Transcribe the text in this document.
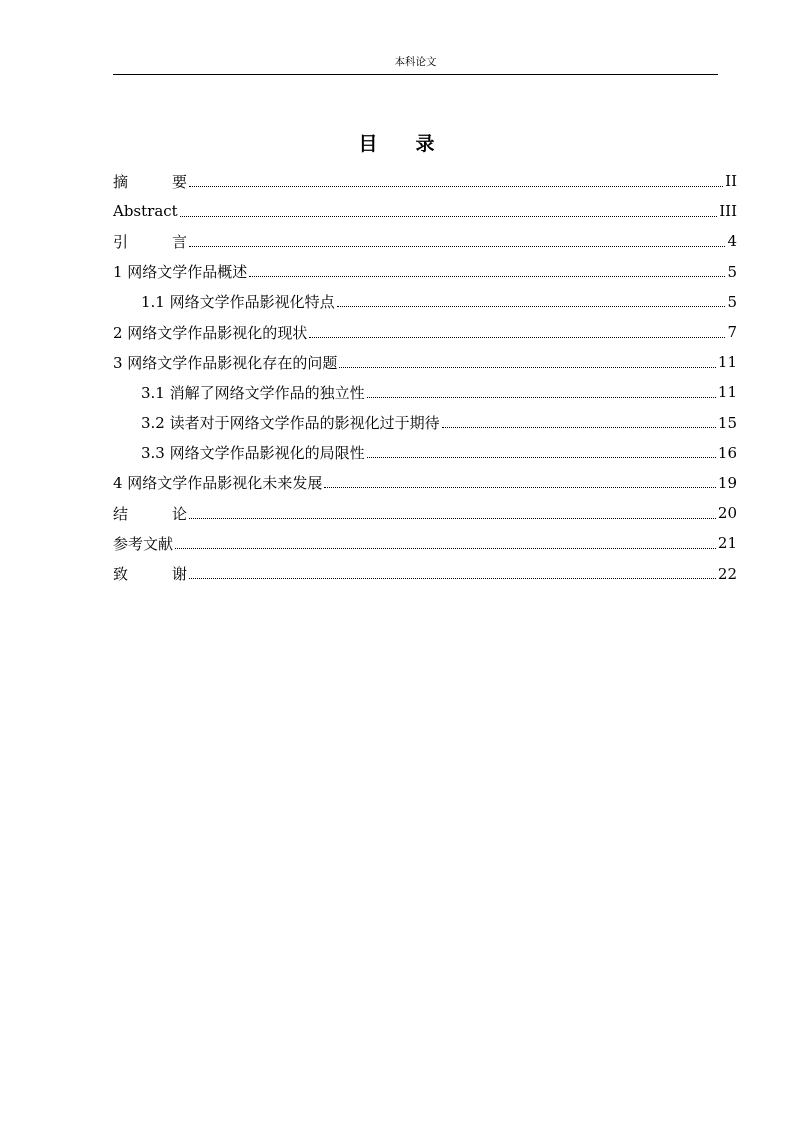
本科论文
目 录
摘	要	II
Abstract	III
引	言	4
1 网络文学作品概述	5
1.1 网络文学作品影视化特点	5
2 网络文学作品影视化的现状	7
3 网络文学作品影视化存在的问题	11
3.1 消解了网络文学作品的独立性	11
3.2 读者对于网络文学作品的影视化过于期待	15
3.3 网络文学作品影视化的局限性	16
4 网络文学作品影视化未来发展	19
结	论	20
参考文献	21
致	谢	22
